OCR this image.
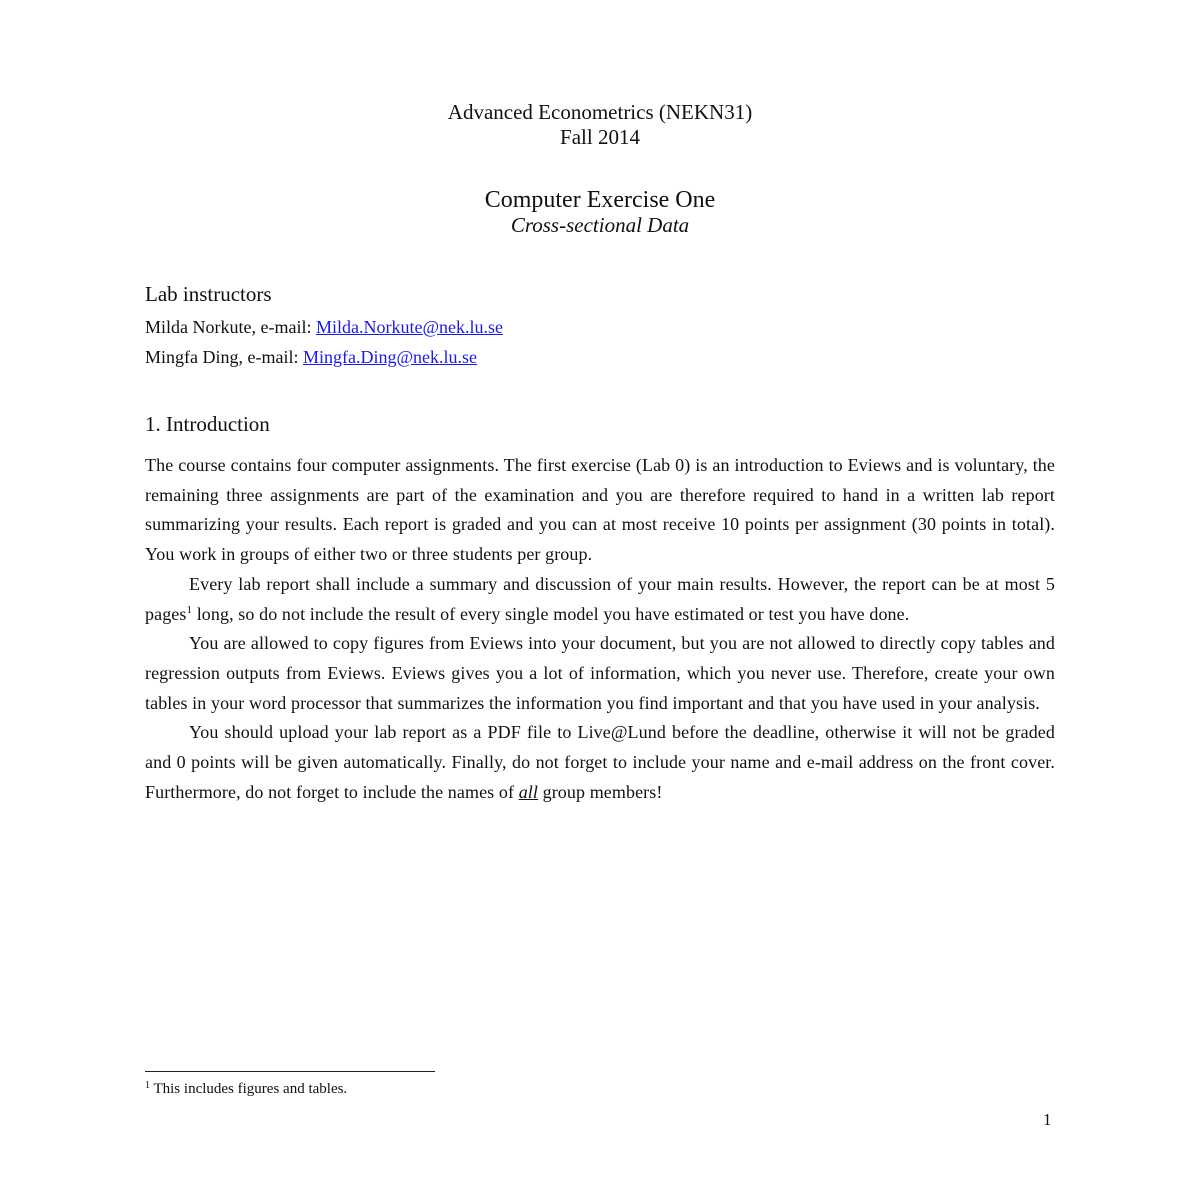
Advanced Econometrics (NEKN31)
Fall 2014
Computer Exercise One
Cross-sectional Data
Lab instructors
Milda Norkute, e-mail: Milda.Norkute@nek.lu.se
Mingfa Ding, e-mail: Mingfa.Ding@nek.lu.se
1. Introduction

The course contains four computer assignments. The first exercise (Lab 0) is an introduction to Eviews and is voluntary, the remaining three assignments are part of the examination and you are therefore required to hand in a written lab report summarizing your results. Each report is graded and you can at most receive 10 points per assignment (30 points in total). You work in groups of either two or three students per group.

Every lab report shall include a summary and discussion of your main results. However, the report can be at most 5 pages$^1$ long, so do not include the result of every single model you have estimated or test you have done.

You are allowed to copy figures from Eviews into your document, but you are not allowed to directly copy tables and regression outputs from Eviews. Eviews gives you a lot of information, which you never use. Therefore, create your own tables in your word processor that summarizes the information you find important and that you have used in your analysis.

You should upload your lab report as a PDF file to Live@Lund before the deadline, otherwise it will not be graded and 0 points will be given automatically. Finally, do not forget to include your name and e-mail address on the front cover. Furthermore, do not forget to include the names of all group members!

$^1$ This includes figures and tables.
1
